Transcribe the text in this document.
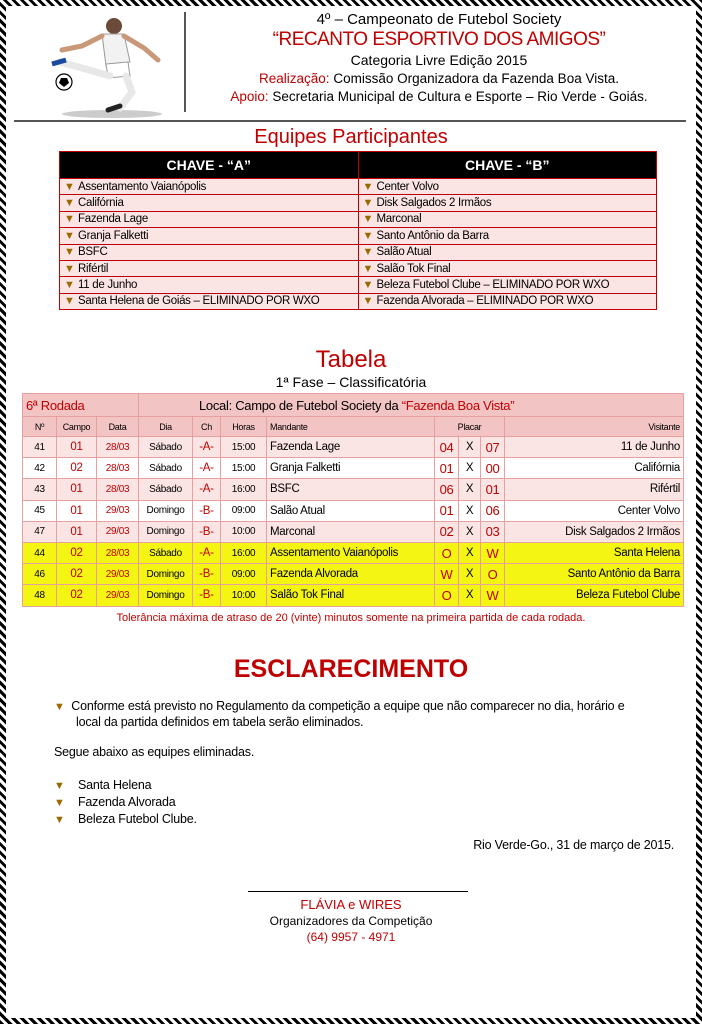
4º – Campeonato de Futebol Society
“RECANTO ESPORTIVO DOS AMIGOS”
Categoria Livre Edição 2015
Realização: Comissão Organizadora da Fazenda Boa Vista.
Apoio: Secretaria Municipal de Cultura e Esporte – Rio Verde - Goiás.
Equipes Participantes
CHAVE - “A”	CHAVE - “B”
▼ Assentamento Vaianópolis	▼ Center Volvo
▼ Califórnia	▼ Disk Salgados 2 Irmãos
▼ Fazenda Lage	▼ Marconal
▼ Granja Falketti	▼ Santo Antônio da Barra
▼ BSFC	▼ Salão Atual
▼ Rifértil	▼ Salão Tok Final
▼ 11 de Junho	▼ Beleza Futebol Clube – ELIMINADO POR WXO
▼ Santa Helena de Goiás – ELIMINADO POR WXO	▼ Fazenda Alvorada – ELIMINADO POR WXO
Tabela
1ª Fase – Classificatória
6ª Rodada			Local: Campo de Futebol Society da “Fazenda Boa Vista”							
Nº	Campo	Data	Dia	Ch	Horas	Mandante	Placar			Visitante
41	01	28/03	Sábado	-A-	15:00	Fazenda Lage	04	X	07	11 de Junho
42	02	28/03	Sábado	-A-	15:00	Granja Falketti	01	X	00	Califórnia
43	01	28/03	Sábado	-A-	16:00	BSFC	06	X	01	Rifértil
45	01	29/03	Domingo	-B-	09:00	Salão Atual	01	X	06	Center Volvo
47	01	29/03	Domingo	-B-	10:00	Marconal	02	X	03	Disk Salgados 2 Irmãos
44	02	28/03	Sábado	-A-	16:00	Assentamento Vaianópolis	O	X	W	Santa Helena
46	02	29/03	Domingo	-B-	09:00	Fazenda Alvorada	W	X	O	Santo Antônio da Barra
48	02	29/03	Domingo	-B-	10:00	Salão Tok Final	O	X	W	Beleza Futebol Clube
Tolerância máxima de atraso de 20 (vinte) minutos somente na primeira partida de cada rodada.
ESCLARECIMENTO
▼ Conforme está previsto no Regulamento da competição a equipe que não comparecer no dia, horário e
local da partida definidos em tabela serão eliminados.
Segue abaixo as equipes eliminadas.
▼ Santa Helena
▼ Fazenda Alvorada
▼ Beleza Futebol Clube.
Rio Verde-Go., 31 de março de 2015.
FLÁVIA e WIRES
Organizadores da Competição
(64) 9957 - 4971
